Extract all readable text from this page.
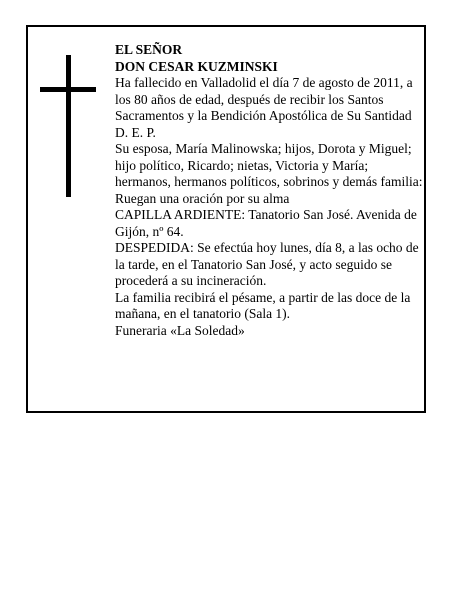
EL SEÑOR

DON CESAR KUZMINSKI

Ha fallecido en Valladolid el día 7 de agosto de 2011, a los 80 años de edad, después de recibir los Santos Sacramentos y la Bendición Apostólica de Su Santidad D. E. P.

Su esposa, María Malinowska; hijos, Dorota y Miguel; hijo político, Ricardo; nietas, Victoria y María; hermanos, hermanos políticos, sobrinos y demás familia:

Ruegan una oración por su alma

CAPILLA ARDIENTE: Tanatorio San José. Avenida de Gijón, nº 64.

DESPEDIDA: Se efectúa hoy lunes, día 8, a las ocho de la tarde, en el Tanatorio San José, y acto seguido se procederá a su incineración.

La familia recibirá el pésame, a partir de las doce de la mañana, en el tanatorio (Sala 1).

Funeraria «La Soledad»
